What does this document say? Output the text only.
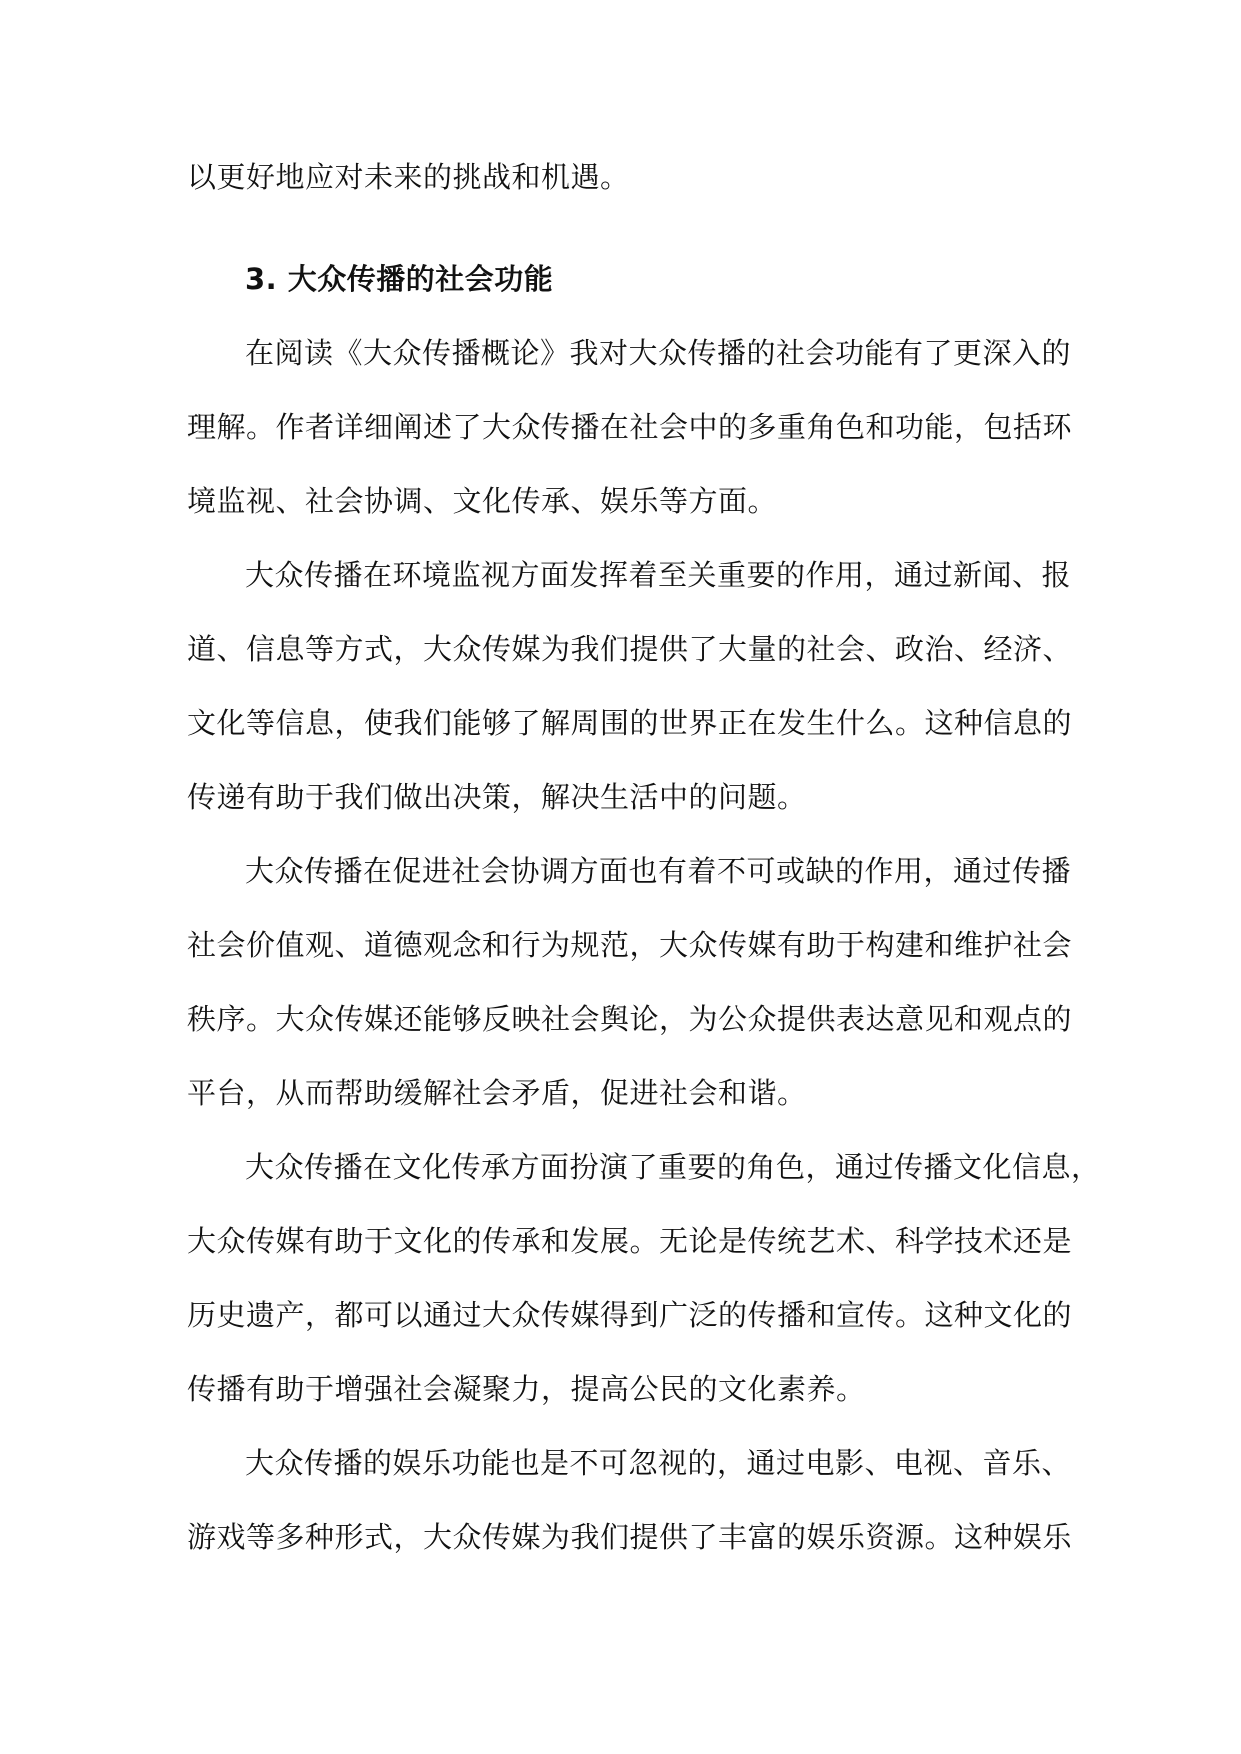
以更好地应对未来的挑战和机遇。
3. 大众传播的社会功能
在阅读《大众传播概论》我对大众传播的社会功能有了更深入的
理解。作者详细阐述了大众传播在社会中的多重角色和功能，包括环
境监视、社会协调、文化传承、娱乐等方面。
大众传播在环境监视方面发挥着至关重要的作用，通过新闻、报
道、信息等方式，大众传媒为我们提供了大量的社会、政治、经济、
文化等信息，使我们能够了解周围的世界正在发生什么。这种信息的
传递有助于我们做出决策，解决生活中的问题。
大众传播在促进社会协调方面也有着不可或缺的作用，通过传播
社会价值观、道德观念和行为规范，大众传媒有助于构建和维护社会
秩序。大众传媒还能够反映社会舆论，为公众提供表达意见和观点的
平台，从而帮助缓解社会矛盾，促进社会和谐。
大众传播在文化传承方面扮演了重要的角色，通过传播文化信息，
大众传媒有助于文化的传承和发展。无论是传统艺术、科学技术还是
历史遗产，都可以通过大众传媒得到广泛的传播和宣传。这种文化的
传播有助于增强社会凝聚力，提高公民的文化素养。
大众传播的娱乐功能也是不可忽视的，通过电影、电视、音乐、
游戏等多种形式，大众传媒为我们提供了丰富的娱乐资源。这种娱乐
